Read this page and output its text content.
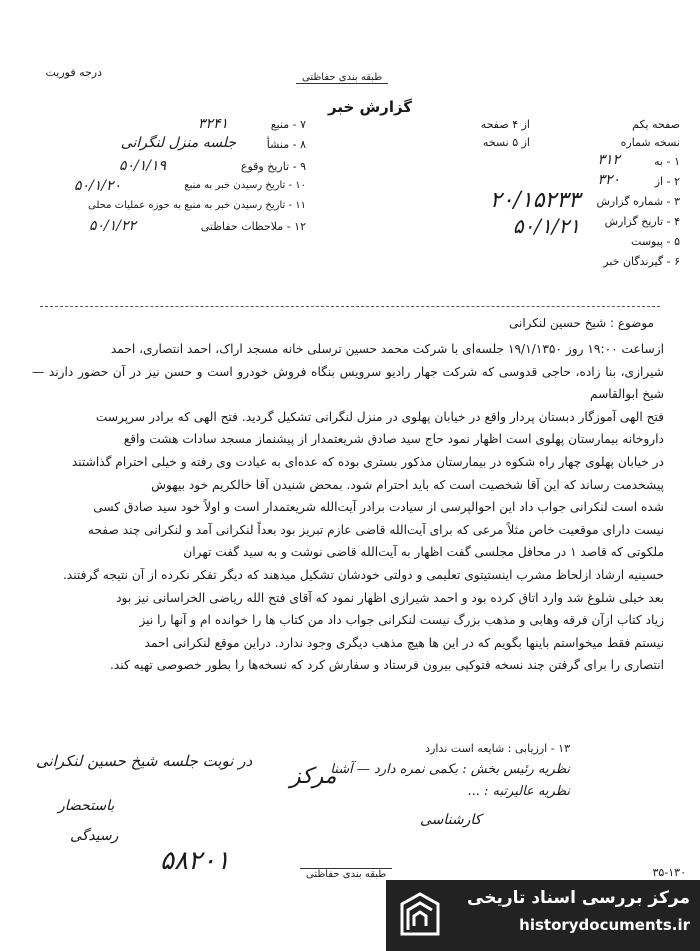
درجه فوریت	طبقه بندی حفاظتی
گزارش خبر
۷ - منبع
۳۲۴۱
۸ - منشأ
جلسه منزل لنگرانی
۹ - تاریخ وقوع
۵۰/۱/۱۹
۱۰ - تاریخ رسیدن خبر به منبع
۵۰/۱/۲۰
۱۱ - تاریخ رسیدن خبر به منبع به حوزه عملیات محلی
۱۲ - ملاحظات حفاظتی
۵۰/۱/۲۲
صفحه یکم
از ۴ صفحه
نسخه شماره
از ۵ نسخه
۱ - به
۳۱۲
۲ - از
۳۲۰
۳ - شماره گزارش
۲۰/۱۵۲۳۳
۴ - تاریخ گزارش
۵۰/۱/۲۱
۵ - پیوست
۶ - گیرندگان خبر
موضوع : شیخ حسین لنکرانی

ازساعت ۱۹:۰۰ روز ۱۹/۱/۱۳۵۰ جلسه‌ای با شرکت محمد حسین ترسلی خانه مسجد اراک، احمد انتصاری، احمد

شیرازی، بنا زاده، حاجی قدوسی که شرکت جهار رادیو سرویس بنگاه فروش خودرو است و حسن نیز در آن حضور دارند — شیخ ابوالقاسم

فتح الهی آموزگار دبستان پردار واقع در خیابان پهلوی در منزل لنگرانی تشکیل گردید. فتح الهی که برادر سرپرست

داروخانه بیمارستان پهلوی است اظهار نمود حاج سید صادق شریعتمدار از پیشنماز مسجد سادات هشت واقع

در خیابان پهلوی چهار راه شکوه در بیمارستان مذکور بستری بوده که عده‌ای به عیادت وی رفته و خیلی احترام گذاشتند

پیشخدمت رساند که این آقا شخصیت است که باید احترام شود. بمحض شنیدن آقا خالکریم خود بیهوش

شده است لنکرانی جواب داد این احوالپرسی از سیادت برادر آیت‌الله شریعتمدار است و اولاً خود سید صادق کسی

نیست دارای موقعیت خاص مثلاً مرعی که برای آیت‌الله قاضی عازم تبریز بود بعداً لنکرانی آمد و لنکرانی چند صفحه

ملکوتی که قاصد ۱ در محافل مجلسی گفت اظهار به آیت‌الله قاضی نوشت و به سید گفت تهران

حسینیه ارشاد ازلحاظ مشرب اینستیتوی تعلیمی و دولتی خودشان تشکیل میدهند که دیگر تفکر نکرده از آن نتیجه گرفتند.

بعد خیلی شلوغ شد وارد اتاق کرده بود و احمد شیرازی اظهار نمود که آقای فتح الله ریاضی الخراسانی نیز بود

زیاد کتاب ازآن فرقه وهابی و مذهب بزرگ نیست لنکرانی جواب داد من کتاب ها را خوانده ام و آنها را نیز

نیستم فقط میخواستم باینها بگویم که در این ها هیچ مذهب دیگری وجود ندارد. دراین موقع لنکرانی احمد

انتصاری را برای گرفتن چند نسخه فتوکپی بیرون فرستاد و سفارش کرد که نسخه‌ها را بطور خصوصی تهیه کند.

۱۳ - ارزیابی : شایعه است ندارد
نظریه رئیس بخش : بکمی نمره دارد — آشنا
نظریه عالیرتبه : ...
در نوبت جلسه شیخ حسین لنکرانی
باستحضار
رسیدگی
مرکز
کارشناسی
۵۸۲۰۱	طبقه بندی حفاظتی	۳۵-۱۳۰
مرکز بررسی اسناد تاریخی
historydocuments.ir
